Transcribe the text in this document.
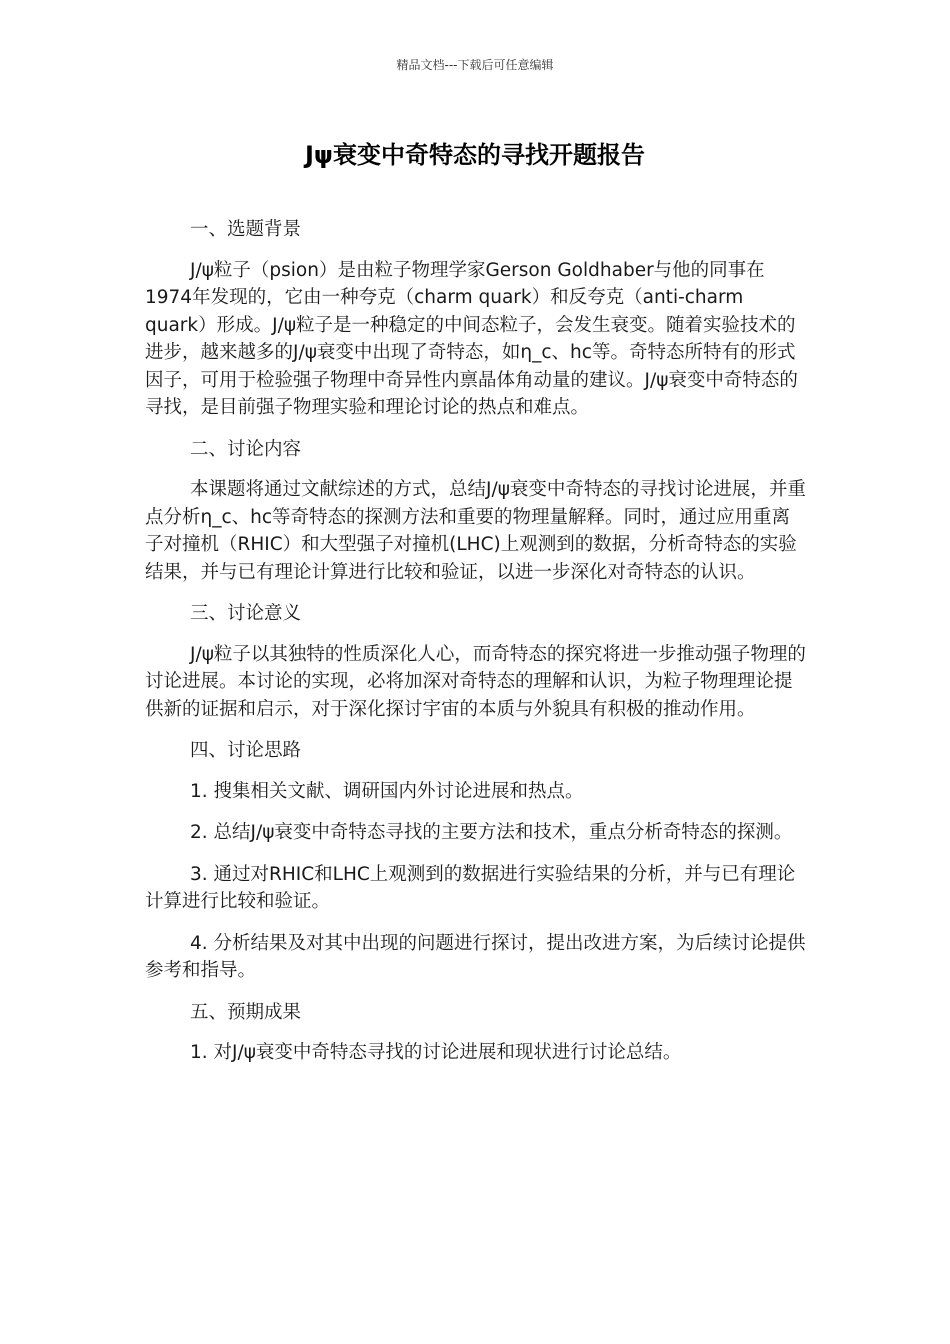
精品文档---下载后可任意编辑
Jψ衰变中奇特态的寻找开题报告

一、选题背景

J/ψ粒子（psion）是由粒子物理学家Gerson Goldhaber与他的同事在1974年发现的，它由一种夸克（charm quark）和反夸克（anti-charm quark）形成。J/ψ粒子是一种稳定的中间态粒子，会发生衰变。随着实验技术的进步，越来越多的J/ψ衰变中出现了奇特态，如η_c、hc等。奇特态所特有的形式因子，可用于检验强子物理中奇异性内禀晶体角动量的建议。J/ψ衰变中奇特态的寻找，是目前强子物理实验和理论讨论的热点和难点。

二、讨论内容

本课题将通过文献综述的方式，总结J/ψ衰变中奇特态的寻找讨论进展，并重点分析η_c、hc等奇特态的探测方法和重要的物理量解释。同时，通过应用重离子对撞机（RHIC）和大型强子对撞机(LHC)上观测到的数据，分析奇特态的实验结果，并与已有理论计算进行比较和验证，以进一步深化对奇特态的认识。

三、讨论意义

J/ψ粒子以其独特的性质深化人心，而奇特态的探究将进一步推动强子物理的讨论进展。本讨论的实现，必将加深对奇特态的理解和认识，为粒子物理理论提供新的证据和启示，对于深化探讨宇宙的本质与外貌具有积极的推动作用。

四、讨论思路

1. 搜集相关文献、调研国内外讨论进展和热点。

2. 总结J/ψ衰变中奇特态寻找的主要方法和技术，重点分析奇特态的探测。

3. 通过对RHIC和LHC上观测到的数据进行实验结果的分析，并与已有理论计算进行比较和验证。

4. 分析结果及对其中出现的问题进行探讨，提出改进方案，为后续讨论提供参考和指导。

五、预期成果

1. 对J/ψ衰变中奇特态寻找的讨论进展和现状进行讨论总结。
